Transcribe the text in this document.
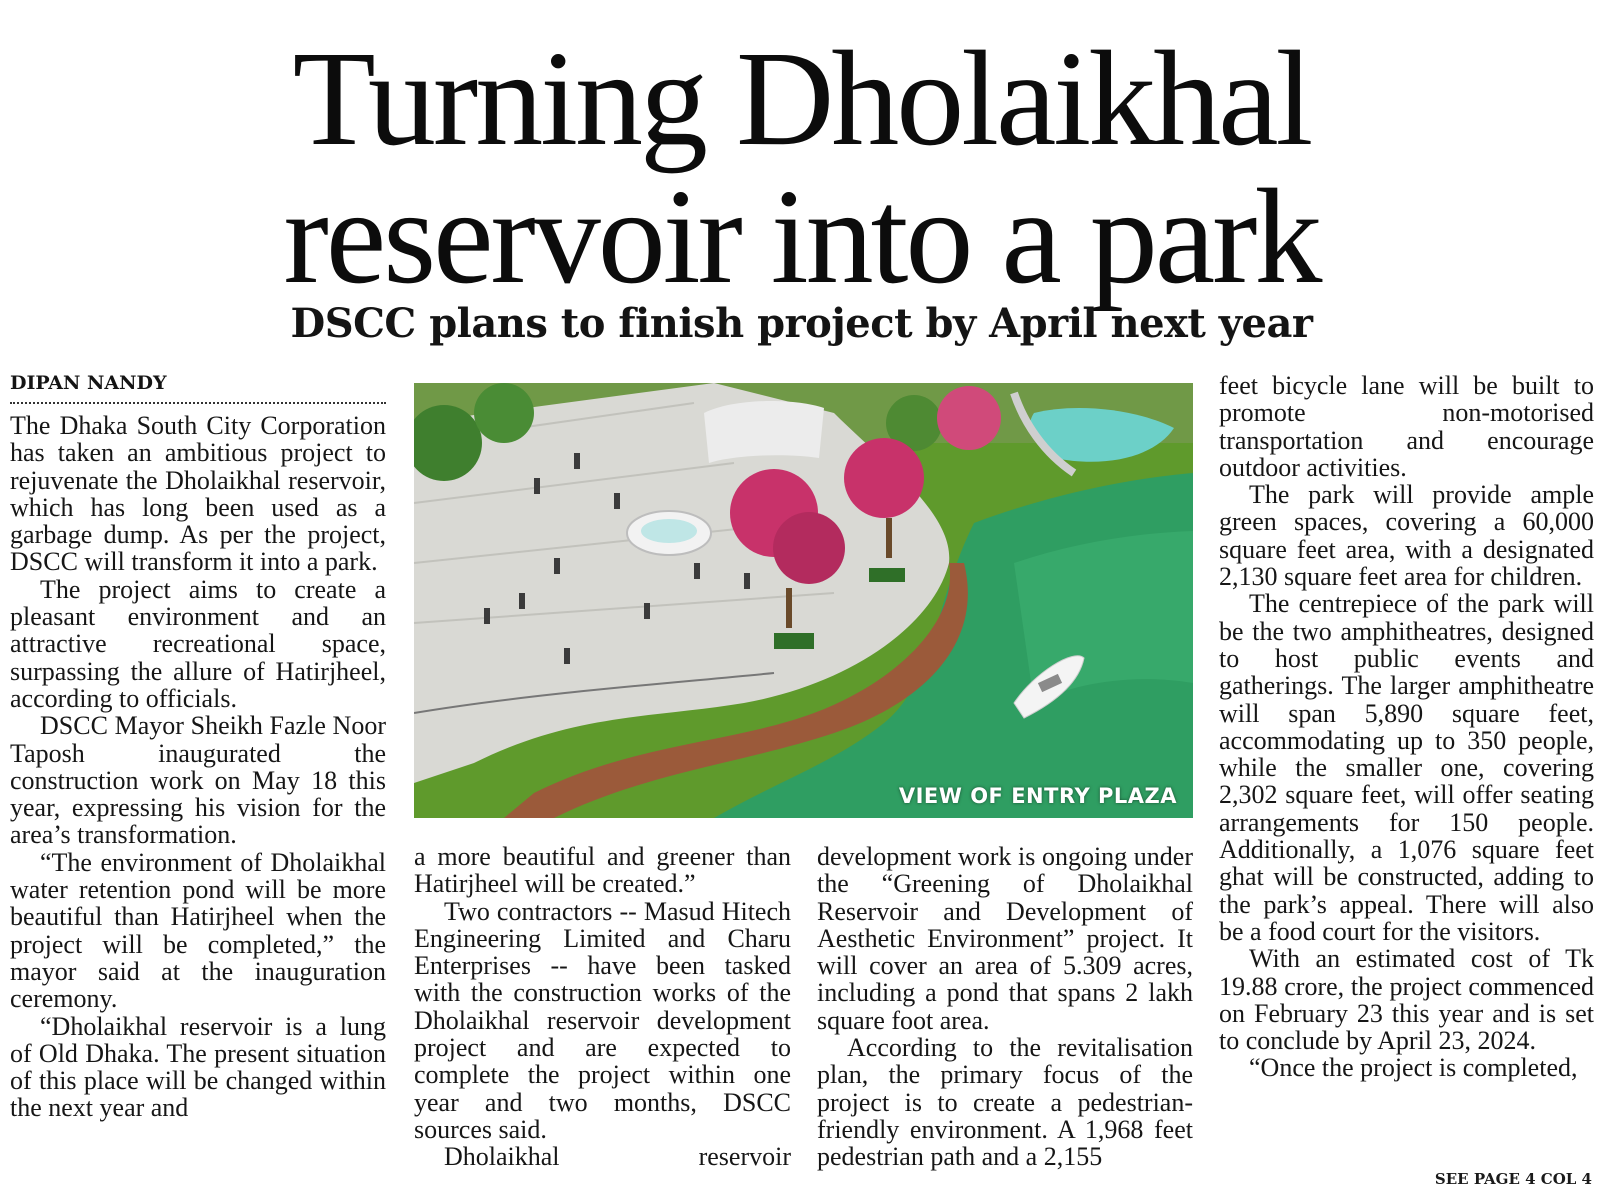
Turning Dholaikhal
reservoir into a park
DSCC plans to finish project by April next year
DIPAN NANDY

The Dhaka South City Corporation has taken an ambitious project to rejuvenate the Dholaikhal reservoir, which has long been used as a garbage dump. As per the project, DSCC will transform it into a park.

The project aims to create a pleasant environment and an attractive recreational space, surpassing the allure of Hatirjheel, according to officials.

DSCC Mayor Sheikh Fazle Noor Taposh inaugurated the construction work on May 18 this year, expressing his vision for the area’s transformation.

“The environment of Dholaikhal water retention pond will be more beautiful than Hatirjheel when the project will be completed,” the mayor said at the inauguration ceremony.

“Dholaikhal reservoir is a lung of Old Dhaka. The present situation of this place will be changed within the next year and

VIEW OF ENTRY PLAZA

a more beautiful and greener than Hatirjheel will be created.”

Two contractors -- Masud Hitech Engineering Limited and Charu Enterprises -- have been tasked with the construction works of the Dholaikhal reservoir development project and are expected to complete the project within one year and two months, DSCC sources said.

Dholaikhal reservoir

development work is ongoing under the “Greening of Dholaikhal Reservoir and Development of Aesthetic Environment” project. It will cover an area of 5.309 acres, including a pond that spans 2 lakh square foot area.

According to the revitalisation plan, the primary focus of the project is to create a pedestrian-friendly environment. A 1,968 feet pedestrian path and a 2,155

feet bicycle lane will be built to promote non-motorised transportation and encourage outdoor activities.

The park will provide ample green spaces, covering a 60,000 square feet area, with a designated 2,130 square feet area for children.

The centrepiece of the park will be the two amphitheatres, designed to host public events and gatherings. The larger amphitheatre will span 5,890 square feet, accommodating up to 350 people, while the smaller one, covering 2,302 square feet, will offer seating arrangements for 150 people. Additionally, a 1,076 square feet ghat will be constructed, adding to the park’s appeal. There will also be a food court for the visitors.

With an estimated cost of Tk 19.88 crore, the project commenced on February 23 this year and is set to conclude by April 23, 2024.

“Once the project is completed,

SEE PAGE 4 COL 4
